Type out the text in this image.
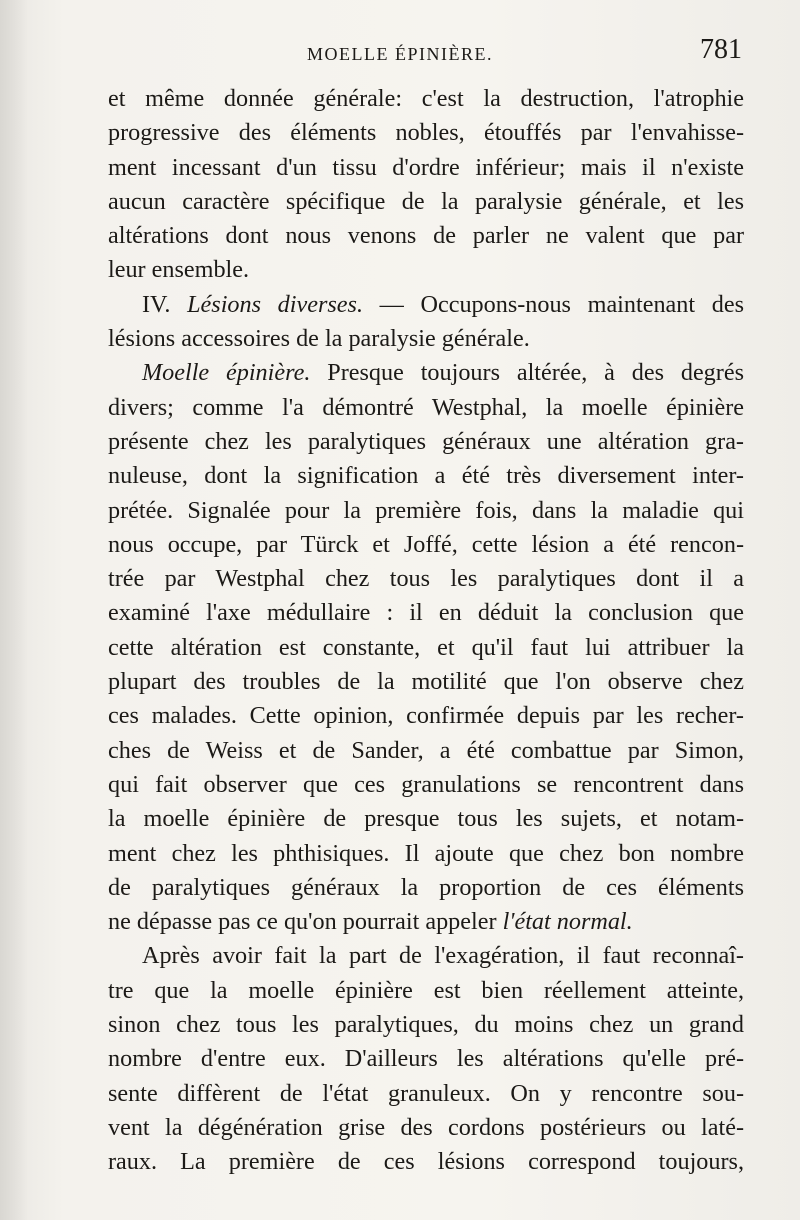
MOELLE ÉPINIÈRE.	781
et même donnée générale: c'est la destruction, l'atrophie
progressive des éléments nobles, étouffés par l'envahisse-
ment incessant d'un tissu d'ordre inférieur; mais il n'existe
aucun caractère spécifique de la paralysie générale, et les
altérations dont nous venons de parler ne valent que par
leur ensemble.
IV. Lésions diverses. — Occupons-nous maintenant des
lésions accessoires de la paralysie générale.
Moelle épinière. Presque toujours altérée, à des degrés
divers; comme l'a démontré Westphal, la moelle épinière
présente chez les paralytiques généraux une altération gra-
nuleuse, dont la signification a été très diversement inter-
prétée. Signalée pour la première fois, dans la maladie qui
nous occupe, par Türck et Joffé, cette lésion a été rencon-
trée par Westphal chez tous les paralytiques dont il a
examiné l'axe médullaire : il en déduit la conclusion que
cette altération est constante, et qu'il faut lui attribuer la
plupart des troubles de la motilité que l'on observe chez
ces malades. Cette opinion, confirmée depuis par les recher-
ches de Weiss et de Sander, a été combattue par Simon,
qui fait observer que ces granulations se rencontrent dans
la moelle épinière de presque tous les sujets, et notam-
ment chez les phthisiques. Il ajoute que chez bon nombre
de paralytiques généraux la proportion de ces éléments
ne dépasse pas ce qu'on pourrait appeler l'état normal.
Après avoir fait la part de l'exagération, il faut reconnaî-
tre que la moelle épinière est bien réellement atteinte,
sinon chez tous les paralytiques, du moins chez un grand
nombre d'entre eux. D'ailleurs les altérations qu'elle pré-
sente diffèrent de l'état granuleux. On y rencontre sou-
vent la dégénération grise des cordons postérieurs ou laté-
raux. La première de ces lésions correspond toujours,
